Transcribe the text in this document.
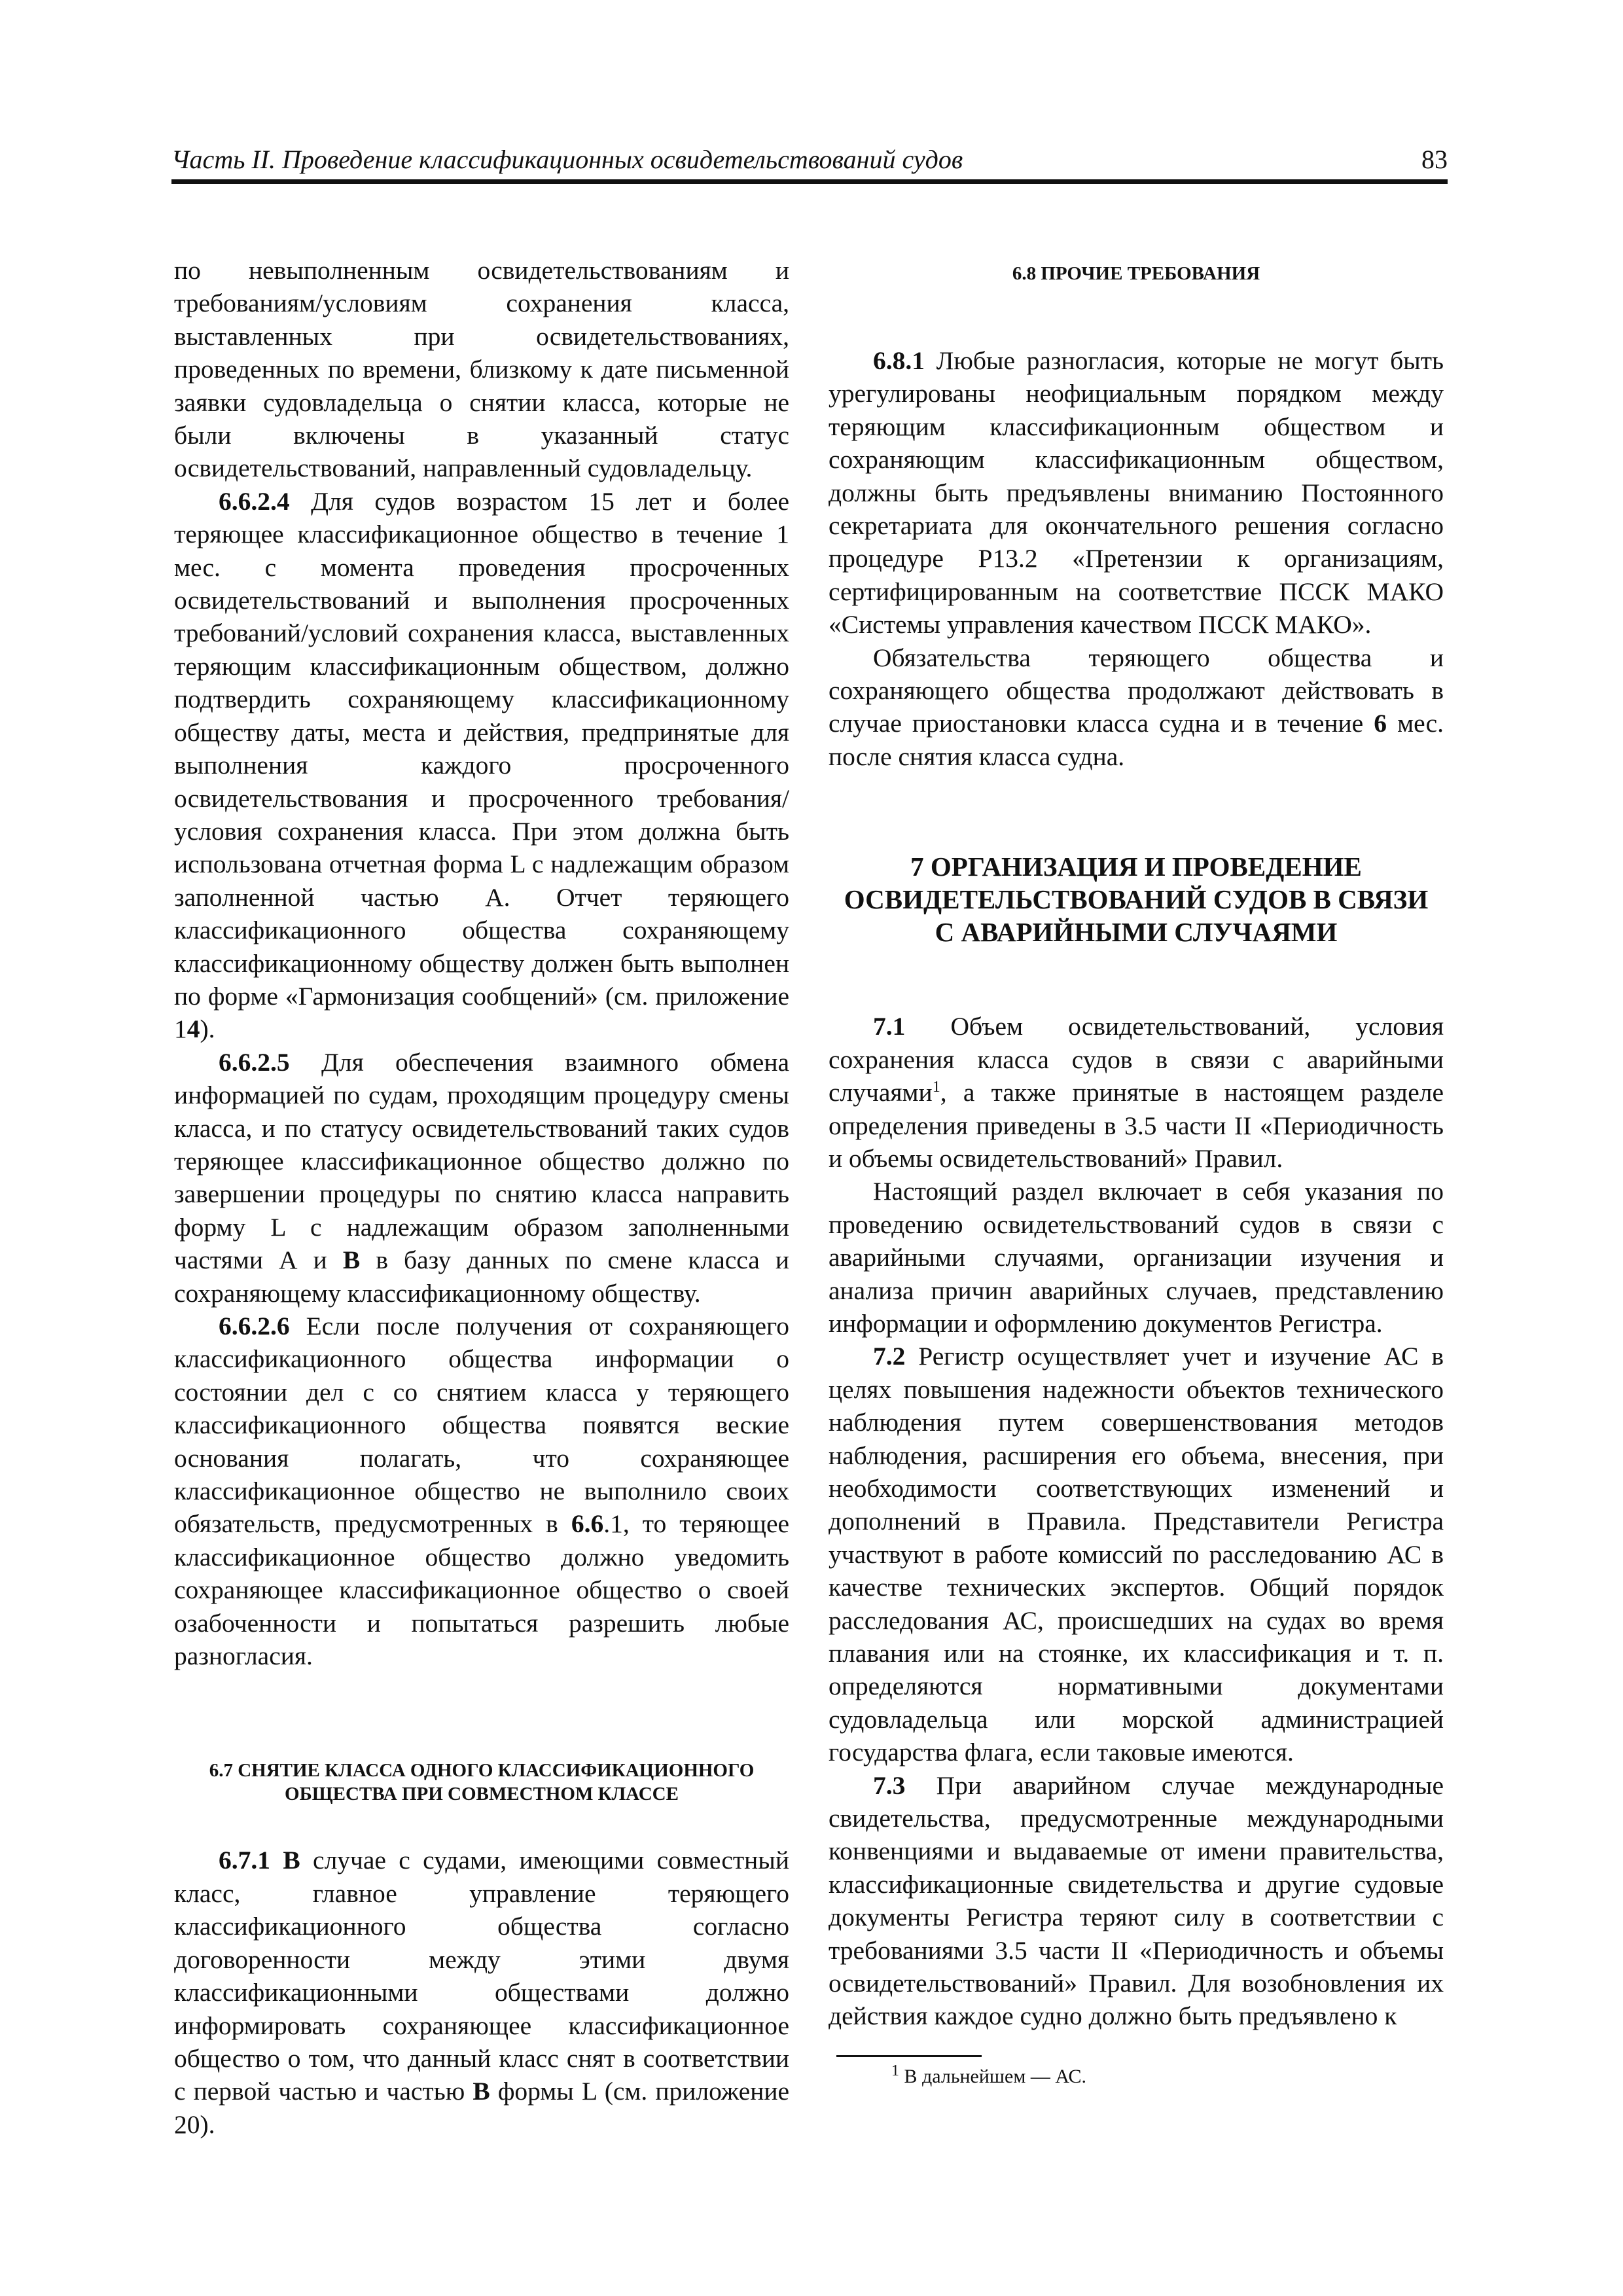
Часть II. Проведение классификационных освидетельствований судов	83

по невыполненным освидетельствованиям и требованиям/условиям сохранения класса, выставленных при освидетельствованиях, проведенных по времени, близкому к дате письменной заявки судовладельца о снятии класса, которые не были включены в указанный статус освидетельствований, направленный судовладельцу.

6.6.2.4 Для судов возрастом 15 лет и более теряющее классификационное общество в течение 1 мес. с момента проведения просроченных освидетельствований и выполнения просроченных требований/условий сохранения класса, выставленных теряющим классификационным обществом, должно подтвердить сохраняющему классификационному обществу даты, места и действия, предпринятые для выполнения каждого просроченного освидетельствования и просроченного требования/условия сохранения класса. При этом должна быть использована отчетная форма L с надлежащим образом заполненной частью А. Отчет теряющего классификационного общества сохраняющему классификационному обществу должен быть выполнен по форме «Гармонизация сообщений» (см. приложение 14).

6.6.2.5 Для обеспечения взаимного обмена информацией по судам, проходящим процедуру смены класса, и по статусу освидетельствований таких судов теряющее классификационное общество должно по завершении процедуры по снятию класса направить форму L с надлежащим образом заполненными частями А и B в базу данных по смене класса и сохраняющему классификационному обществу.

6.6.2.6 Если после получения от сохраняющего классификационного общества информации о состоянии дел с со снятием класса у теряющего классификационного общества появятся веские основания полагать, что сохраняющее классификационное общество не выполнило своих обязательств, предусмотренных в 6.6.1, то теряющее классификационное общество должно уведомить сохраняющее классификационное общество о своей озабоченности и попытаться разрешить любые разногласия.

6.7 СНЯТИЕ КЛАССА ОДНОГО КЛАССИФИКАЦИОННОГО
ОБЩЕСТВА ПРИ СОВМЕСТНОМ КЛАССЕ

6.7.1 В случае с судами, имеющими совместный класс, главное управление теряющего классификационного общества согласно договоренности между этими двумя классификационными обществами должно информировать сохраняющее классификационное общество о том, что данный класс снят в соответствии с первой частью и частью B формы L (см. приложение 20).

6.8 ПРОЧИЕ ТРЕБОВАНИЯ

6.8.1 Любые разногласия, которые не могут быть урегулированы неофициальным порядком между теряющим классификационным обществом и сохраняющим классификационным обществом, должны быть предъявлены вниманию Постоянного секретариата для окончательного решения согласно процедуре Р13.2 «Претензии к организациям, сертифицированным на соответствие ПССК МАКО «Системы управления качеством ПССК МАКО».

Обязательства теряющего общества и сохраняющего общества продолжают действовать в случае приостановки класса судна и в течение 6 мес. после снятия класса судна.

7 ОРГАНИЗАЦИЯ И ПРОВЕДЕНИЕ
ОСВИДЕТЕЛЬСТВОВАНИЙ СУДОВ В СВЯЗИ
С АВАРИЙНЫМИ СЛУЧАЯМИ

7.1 Объем освидетельствований, условия сохранения класса судов в связи с аварийными случаями$^1$, а также принятые в настоящем разделе определения приведены в 3.5 части II «Периодичность и объемы освидетельствований» Правил.

Настоящий раздел включает в себя указания по проведению освидетельствований судов в связи с аварийными случаями, организации изучения и анализа причин аварийных случаев, представлению информации и оформлению документов Регистра.

7.2 Регистр осуществляет учет и изучение АС в целях повышения надежности объектов технического наблюдения путем совершенствования методов наблюдения, расширения его объема, внесения, при необходимости соответствующих изменений и дополнений в Правила. Представители Регистра участвуют в работе комиссий по расследованию АС в качестве технических экспертов. Общий порядок расследования АС, происшедших на судах во время плавания или на стоянке, их классификация и т. п. определяются нормативными документами судовладельца или морской администрацией государства флага, если таковые имеются.

7.3 При аварийном случае международные свидетельства, предусмотренные международными конвенциями и выдаваемые от имени правительства, классификационные свидетельства и другие судовые документы Регистра теряют силу в соответствии с требованиями 3.5 части II «Периодичность и объемы освидетельствований» Правил. Для возобновления их действия каждое судно должно быть предъявлено к

$^1$ В дальнейшем — АС.
